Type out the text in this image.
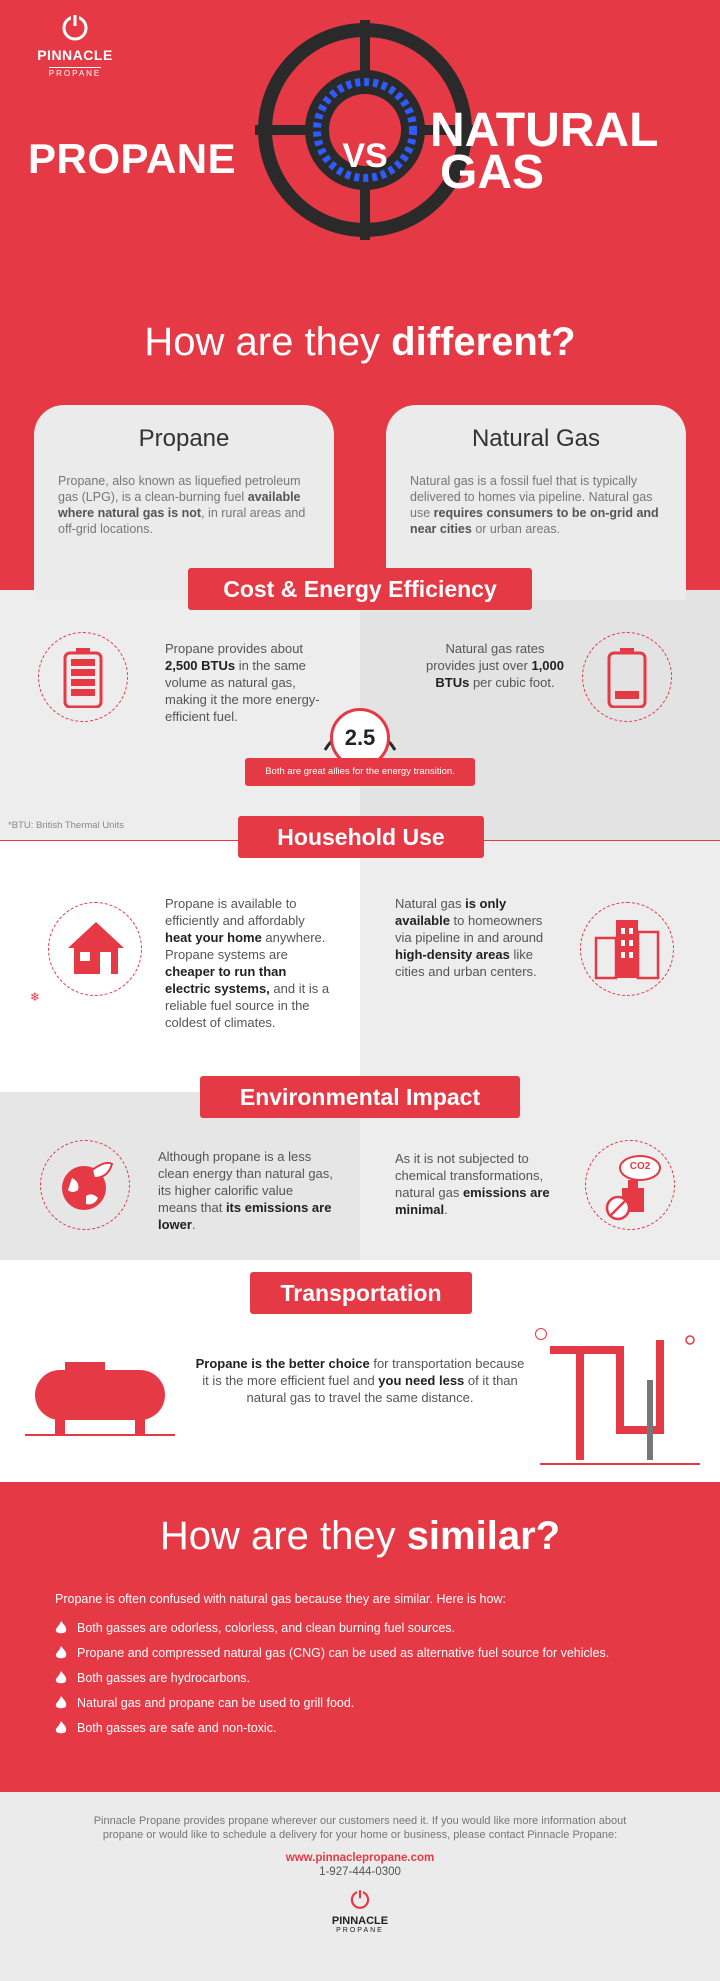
PINNACLE
PROPANE
PROPANE	VS NATURAL
GAS
How are they different?
Propane

Propane, also known as liquefied petroleum gas (LPG), is a clean-burning fuel available where natural gas is not, in rural areas and off-grid locations.

Natural Gas

Natural gas is a fossil fuel that is typically delivered to homes via pipeline. Natural gas use requires consumers to be on-grid and near cities or urban areas.

Cost & Energy Efficiency
Propane provides about 2,500 BTUs in the same volume as natural gas, making it the more energy-efficient fuel.
Natural gas rates provides just over 1,000 BTUs per cubic foot.
2.5
Both are great allies for the energy transition.
*BTU: British Thermal Units	Household Use
❄
Propane is available to efficiently and affordably heat your home anywhere. Propane systems are cheaper to run than electric systems, and it is a reliable fuel source in the coldest of climates.
Natural gas is only available to homeowners via pipeline in and around high-density areas like cities and urban centers.
Environmental Impact
Although propane is a less clean energy than natural gas, its higher calorific value means that its emissions are lower.
As it is not subjected to chemical transformations, natural gas emissions are minimal.
CO2
Transportation
Propane is the better choice for transportation because it is the more efficient fuel and you need less of it than natural gas to travel the same distance.
How are they similar?
Propane is often confused with natural gas because they are similar. Here is how:
Both gasses are odorless, colorless, and clean burning fuel sources.
Propane and compressed natural gas (CNG) can be used as alternative fuel source for vehicles.
Both gasses are hydrocarbons.
Natural gas and propane can be used to grill food.
Both gasses are safe and non-toxic.
Pinnacle Propane provides propane wherever our customers need it. If you would like more information about propane or would like to schedule a delivery for your home or business, please contact Pinnacle Propane:
www.pinnaclepropane.com
1-927-444-0300
PINNACLE
PROPANE
